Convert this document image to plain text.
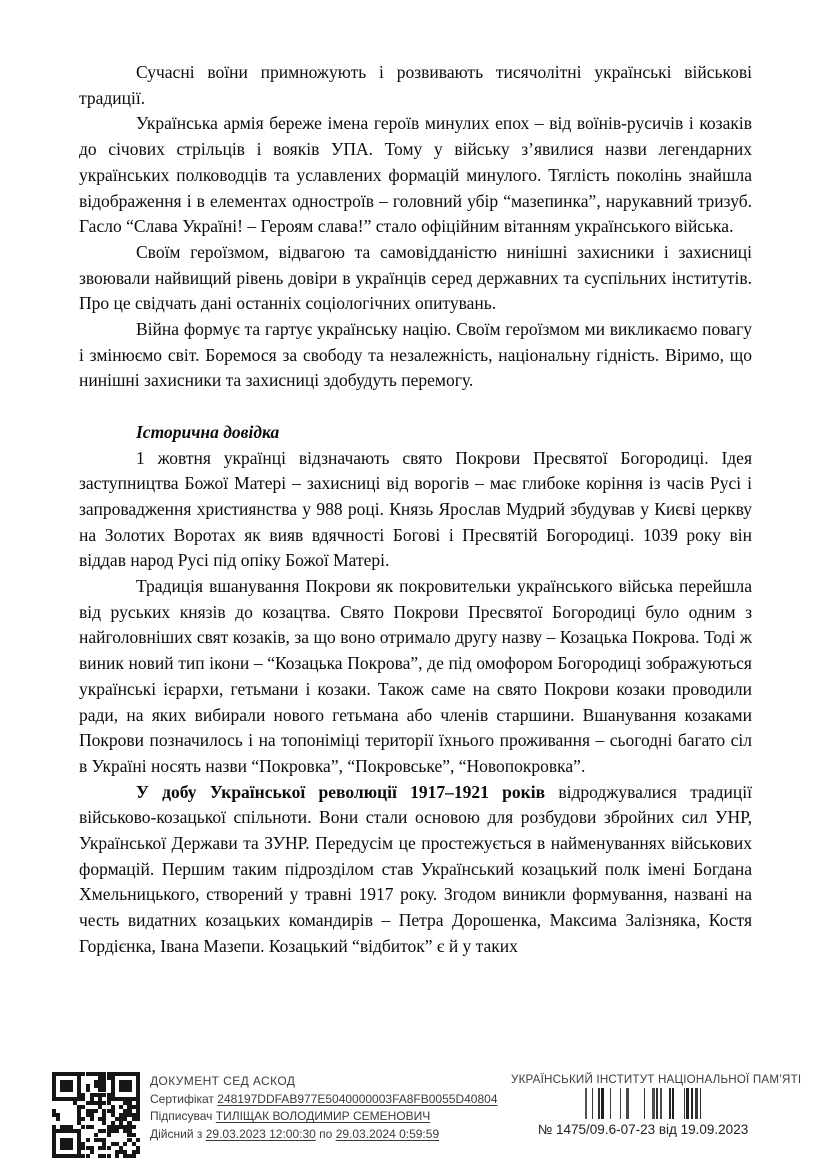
Сучасні воїни примножують і розвивають тисячолітні українські військові традиції.

Українська армія береже імена героїв минулих епох – від воїнів-русичів і козаків до січових стрільців і вояків УПА. Тому у війську з’явилися назви легендарних українських полководців та уславлених формацій минулого. Тяглість поколінь знайшла відображення і в елементах одностроїв – головний убір “мазепинка”, нарукавний тризуб. Гасло “Слава Україні! – Героям слава!” стало офіційним вітанням українського війська.

Своїм героїзмом, відвагою та самовідданістю нинішні захисники і захисниці звоювали найвищий рівень довіри в українців серед державних та суспільних інститутів. Про це свідчать дані останніх соціологічних опитувань.

Війна формує та гартує українську націю. Своїм героїзмом ми викликаємо повагу і змінюємо світ. Боремося за свободу та незалежність, національну гідність. Віримо, що нинішні захисники та захисниці здобудуть перемогу.

Історична довідка

1 жовтня українці відзначають свято Покрови Пресвятої Богородиці. Ідея заступництва Божої Матері – захисниці від ворогів – має глибоке коріння із часів Русі і запровадження християнства у 988 році. Князь Ярослав Мудрий збудував у Києві церкву на Золотих Воротах як вияв вдячності Богові і Пресвятій Богородиці. 1039 року він віддав народ Русі під опіку Божої Матері.

Традиція вшанування Покрови як покровительки українського війська перейшла від руських князів до козацтва. Свято Покрови Пресвятої Богородиці було одним з найголовніших свят козаків, за що воно отримало другу назву – Козацька Покрова. Тоді ж виник новий тип ікони – “Козацька Покрова”, де під омофором Богородиці зображуються українські ієрархи, гетьмани і козаки. Також саме на свято Покрови козаки проводили ради, на яких вибирали нового гетьмана або членів старшини. Вшанування козаками Покрови позначилось і на топоніміці території їхнього проживання – сьогодні багато сіл в Україні носять назви “Покровка”, “Покровське”, “Новопокровка”.

У добу Української революції 1917–1921 років відроджувалися традиції військово-козацької спільноти. Вони стали основою для розбудови збройних сил УНР, Української Держави та ЗУНР. Передусім це простежується в найменуваннях військових формацій. Першим таким підрозділом став Український козацький полк імені Богдана Хмельницького, створений у травні 1917 року. Згодом виникли формування, названі на честь видатних козацьких командирів – Петра Дорошенка, Максима Залізняка, Костя Гордієнка, Івана Мазепи. Козацький “відбиток” є й у таких

ДОКУМЕНТ СЕД АСКОД
Сертифікат 248197DDFAB977E5040000003FA8FB0055D40804
Підписувач ТИЛІЩАК ВОЛОДИМИР СЕМЕНОВИЧ
Дійсний з 29.03.2023 12:00:30 по 29.03.2024 0:59:59
УКРАЇНСЬКИЙ ІНСТИТУТ НАЦІОНАЛЬНОЇ ПАМ’ЯТІ
№ 1475/09.6-07-23 від 19.09.2023
